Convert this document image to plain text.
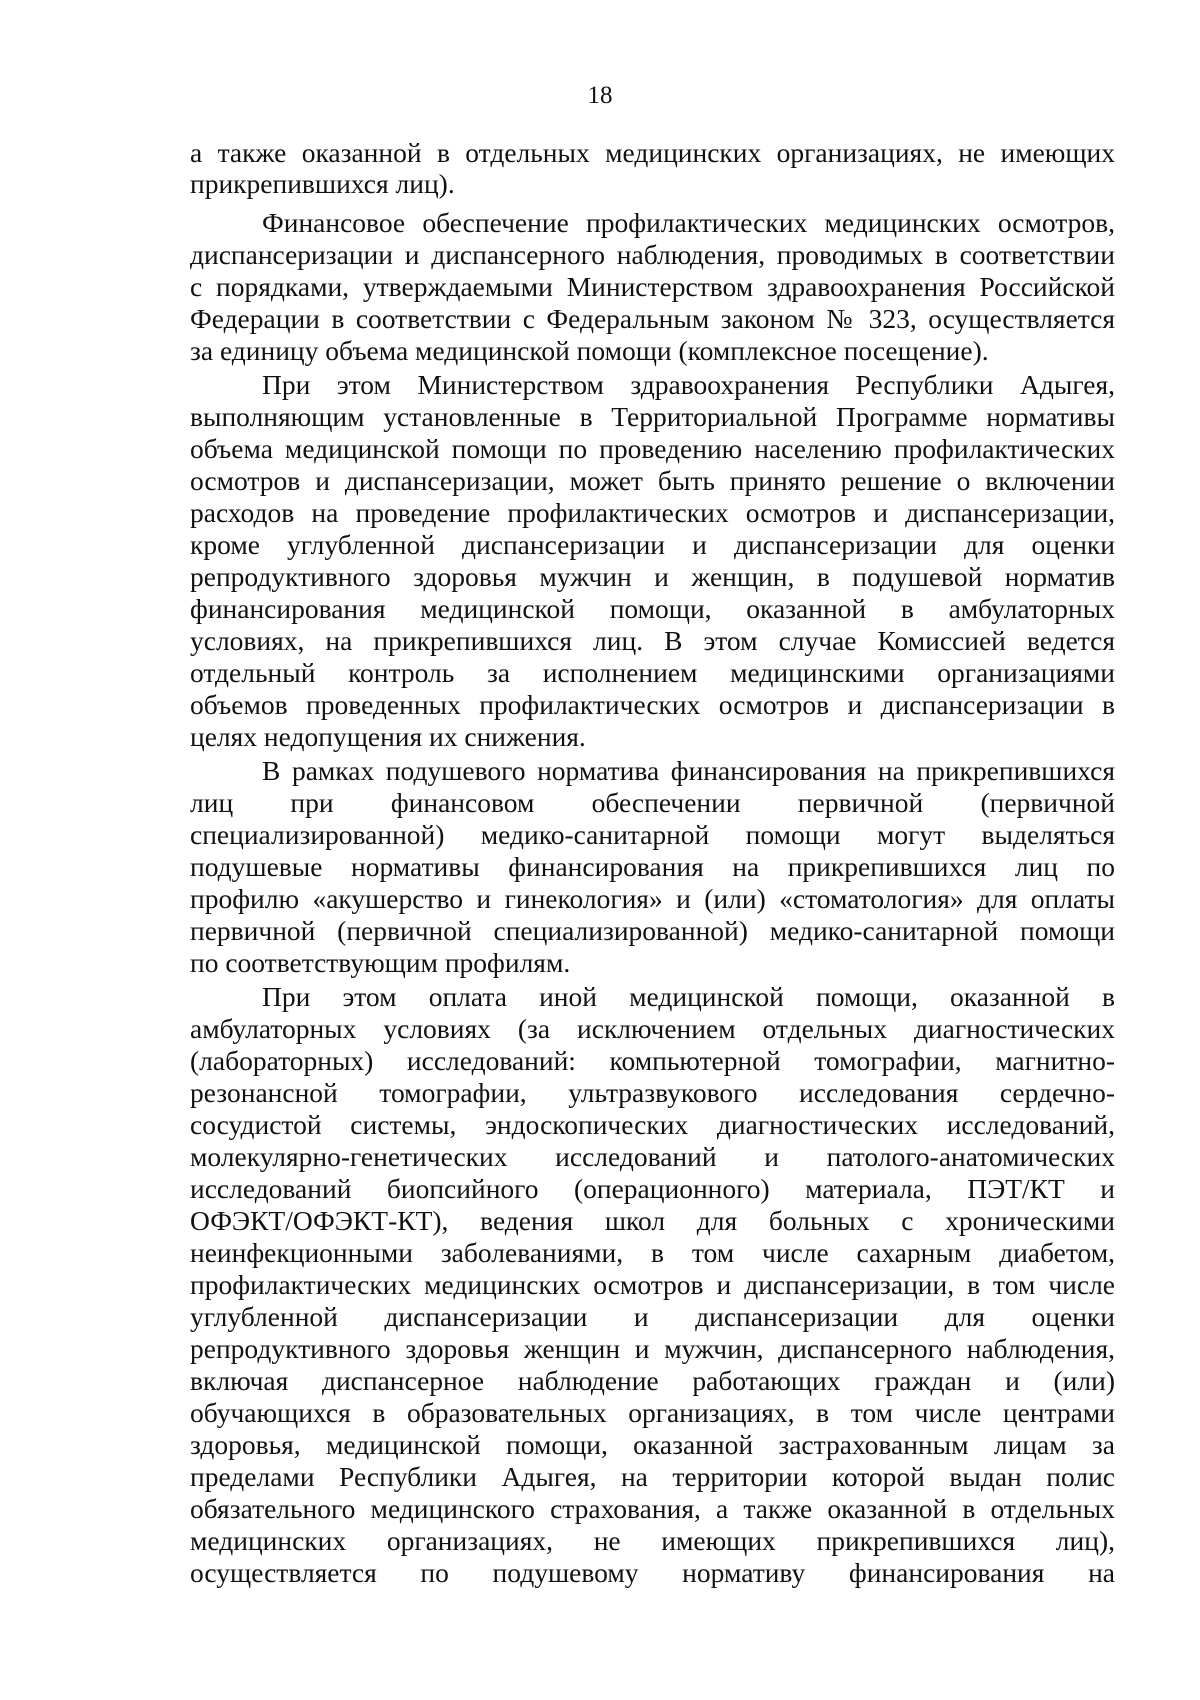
18
а также оказанной в отдельных медицинских организациях, не имеющих
прикрепившихся лиц).
Финансовое обеспечение профилактических медицинских осмотров,
диспансеризации и диспансерного наблюдения, проводимых в соответствии
с порядками, утверждаемыми Министерством здравоохранения Российской
Федерации в соответствии с Федеральным законом № 323, осуществляется
за единицу объема медицинской помощи (комплексное посещение).
При этом Министерством здравоохранения Республики Адыгея,
выполняющим установленные в Территориальной Программе нормативы
объема медицинской помощи по проведению населению профилактических
осмотров и диспансеризации, может быть принято решение о включении
расходов на проведение профилактических осмотров и диспансеризации,
кроме углубленной диспансеризации и диспансеризации для оценки
репродуктивного здоровья мужчин и женщин, в подушевой норматив
финансирования медицинской помощи, оказанной в амбулаторных
условиях, на прикрепившихся лиц. В этом случае Комиссией ведется
отдельный контроль за исполнением медицинскими организациями
объемов проведенных профилактических осмотров и диспансеризации в
целях недопущения их снижения.
В рамках подушевого норматива финансирования на прикрепившихся
лиц при финансовом обеспечении первичной (первичной
специализированной) медико-санитарной помощи могут выделяться
подушевые нормативы финансирования на прикрепившихся лиц по
профилю «акушерство и гинекология» и (или) «стоматология» для оплаты
первичной (первичной специализированной) медико-санитарной помощи
по соответствующим профилям.
При этом оплата иной медицинской помощи, оказанной в
амбулаторных условиях (за исключением отдельных диагностических
(лабораторных) исследований: компьютерной томографии, магнитно-
резонансной томографии, ультразвукового исследования сердечно-
сосудистой системы, эндоскопических диагностических исследований,
молекулярно-генетических исследований и патолого-анатомических
исследований биопсийного (операционного) материала, ПЭТ/КТ и
ОФЭКТ/ОФЭКТ-КТ), ведения школ для больных с хроническими
неинфекционными заболеваниями, в том числе сахарным диабетом,
профилактических медицинских осмотров и диспансеризации, в том числе
углубленной диспансеризации и диспансеризации для оценки
репродуктивного здоровья женщин и мужчин, диспансерного наблюдения,
включая диспансерное наблюдение работающих граждан и (или)
обучающихся в образовательных организациях, в том числе центрами
здоровья, медицинской помощи, оказанной застрахованным лицам за
пределами Республики Адыгея, на территории которой выдан полис
обязательного медицинского страхования, а также оказанной в отдельных
медицинских организациях, не имеющих прикрепившихся лиц),
осуществляется по подушевому нормативу финансирования на
